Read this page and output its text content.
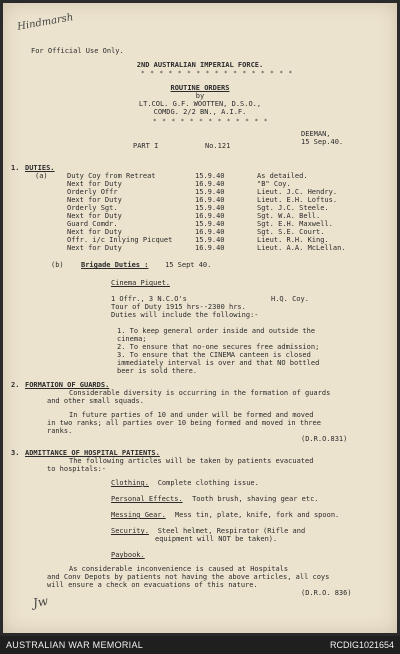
Hindmarsh
For Official Use Only.
2ND AUSTRALIAN IMPERIAL FORCE.
* * * * * * * * * * * * * * * * *
ROUTINE ORDERS
by
LT.COL. G.F. WOOTTEN, D.S.O.,
COMDG. 2/2 BN., A.I.F.
* * * * * * * * * * * * *
DEEMAN,
15 Sep.40.
PART I	No.121
1. DUTIES.
(a)	Duty Coy from Retreat	15.9.40	As detailed.
Next for Duty	16.9.40	"B" Coy.
Orderly Offr	15.9.40	Lieut. J.C. Hendry.
Next for Duty	16.9.40	Lieut. E.H. Loftus.
Orderly Sgt.	15.9.40	Sgt. J.C. Steele.
Next for Duty	16.9.40	Sgt. W.A. Bell.
Guard Comdr.	15.9.40	Sgt. E.H. Maxwell.
Next for Duty	16.9.40	Sgt. S.E. Court.
Offr. i/c Inlying Picquet	15.9.40	Lieut. R.H. King.
Next for Duty	16.9.40	Lieut. A.A. McLellan.
(b) Brigade Duties : 15 Sept 40.
Cinema Piquet.
1 Offr., 3 N.C.O's	H.Q. Coy.
Tour of Duty 1915 hrs--2300 hrs.
Duties will include the following:-
1. To keep general order inside and outside the
cinema;
2. To ensure that no-one secures free admission;
3. To ensure that the CINEMA canteen is closed
immediately interval is over and that NO bottled
beer is sold there.
2. FORMATION OF GUARDS.
Considerable diversity is occurring in the formation of guards
and other small squads.
In future parties of 10 and under will be formed and moved
in two ranks; all parties over 10 being formed and moved in three
ranks.
(D.R.O.831)
3. ADMITTANCE OF HOSPITAL PATIENTS.
The following articles will be taken by patients evacuated
to hospitals:-
Clothing. Complete clothing issue.
Personal Effects. Tooth brush, shaving gear etc.
Messing Gear. Mess tin, plate, knife, fork and spoon.
Security. Steel helmet, Respirator (Rifle and
equipment will NOT be taken).
Paybook.
As considerable inconvenience is caused at Hospitals
and Conv Depots by patients not having the above articles, all coys
will ensure a check on evacuations of this nature.
(D.R.O. 836)
Jw
AUSTRALIAN WAR MEMORIAL	RCDIG1021654
